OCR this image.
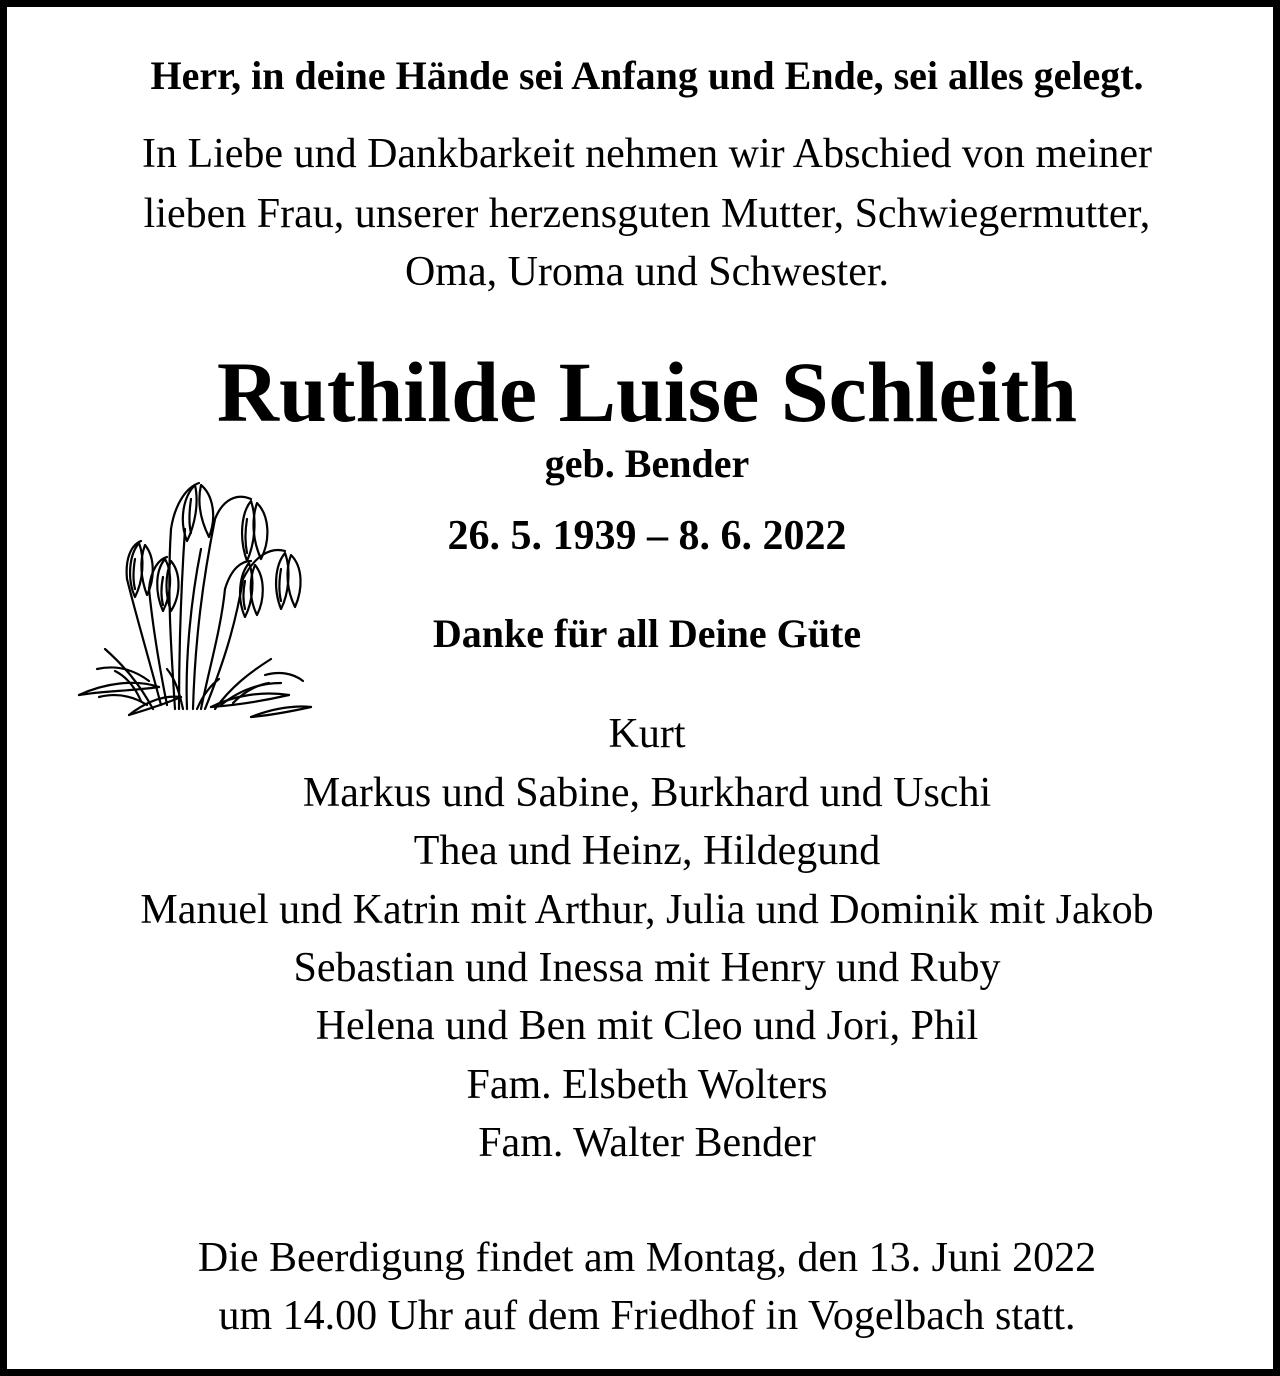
Herr, in deine Hände sei Anfang und Ende, sei alles gelegt.
In Liebe und Dankbarkeit nehmen wir Abschied von meiner
lieben Frau, unserer herzensguten Mutter, Schwiegermutter,
Oma, Uroma und Schwester.
Ruthilde Luise Schleith
geb. Bender
26. 5. 1939 – 8. 6. 2022
Danke für all Deine Güte
Kurt
Markus und Sabine, Burkhard und Uschi
Thea und Heinz, Hildegund
Manuel und Katrin mit Arthur, Julia und Dominik mit Jakob
Sebastian und Inessa mit Henry und Ruby
Helena und Ben mit Cleo und Jori, Phil
Fam. Elsbeth Wolters
Fam. Walter Bender
Die Beerdigung findet am Montag, den 13. Juni 2022
um 14.00 Uhr auf dem Friedhof in Vogelbach statt.
